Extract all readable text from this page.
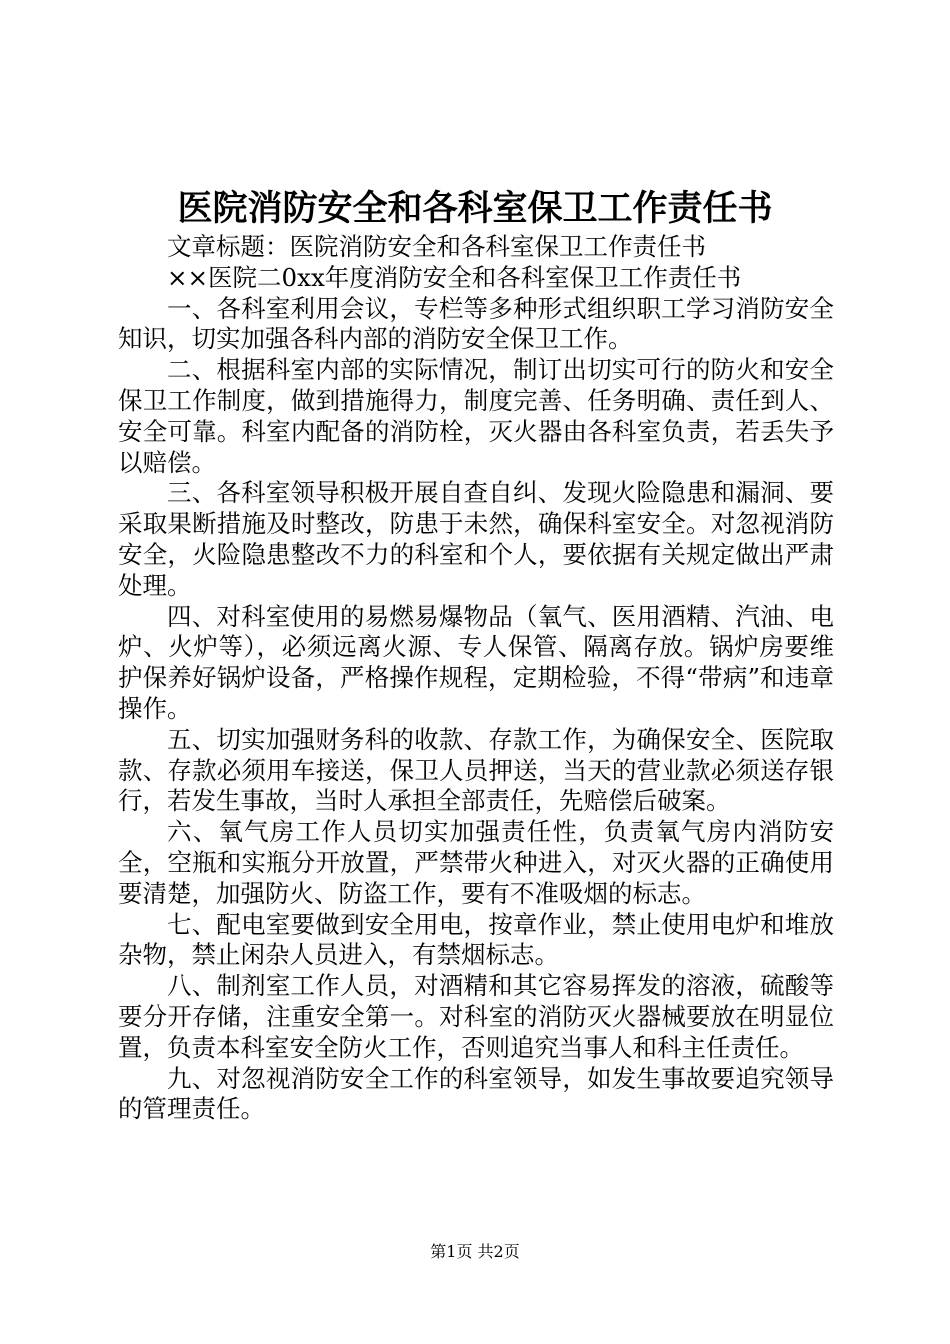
医院消防安全和各科室保卫工作责任书

文章标题：医院消防安全和各科室保卫工作责任书

××医院二0xx年度消防安全和各科室保卫工作责任书

一、各科室利用会议，专栏等多种形式组织职工学习消防安全知识，切实加强各科内部的消防安全保卫工作。

二、根据科室内部的实际情况，制订出切实可行的防火和安全保卫工作制度，做到措施得力，制度完善、任务明确、责任到人、安全可靠。科室内配备的消防栓，灭火器由各科室负责，若丢失予以赔偿。

三、各科室领导积极开展自查自纠、发现火险隐患和漏洞、要采取果断措施及时整改，防患于未然，确保科室安全。对忽视消防安全，火险隐患整改不力的科室和个人，要依据有关规定做出严肃处理。

四、对科室使用的易燃易爆物品（氧气、医用酒精、汽油、电炉、火炉等），必须远离火源、专人保管、隔离存放。锅炉房要维护保养好锅炉设备，严格操作规程，定期检验，不得“带病”和违章操作。

五、切实加强财务科的收款、存款工作，为确保安全、医院取款、存款必须用车接送，保卫人员押送，当天的营业款必须送存银行，若发生事故，当时人承担全部责任，先赔偿后破案。

六、氧气房工作人员切实加强责任性，负责氧气房内消防安全，空瓶和实瓶分开放置，严禁带火种进入，对灭火器的正确使用要清楚，加强防火、防盗工作，要有不准吸烟的标志。

七、配电室要做到安全用电，按章作业，禁止使用电炉和堆放杂物，禁止闲杂人员进入，有禁烟标志。

八、制剂室工作人员，对酒精和其它容易挥发的溶液，硫酸等要分开存储，注重安全第一。对科室的消防灭火器械要放在明显位置，负责本科室安全防火工作，否则追究当事人和科主任责任。

九、对忽视消防安全工作的科室领导，如发生事故要追究领导的管理责任。

第1页 共2页
